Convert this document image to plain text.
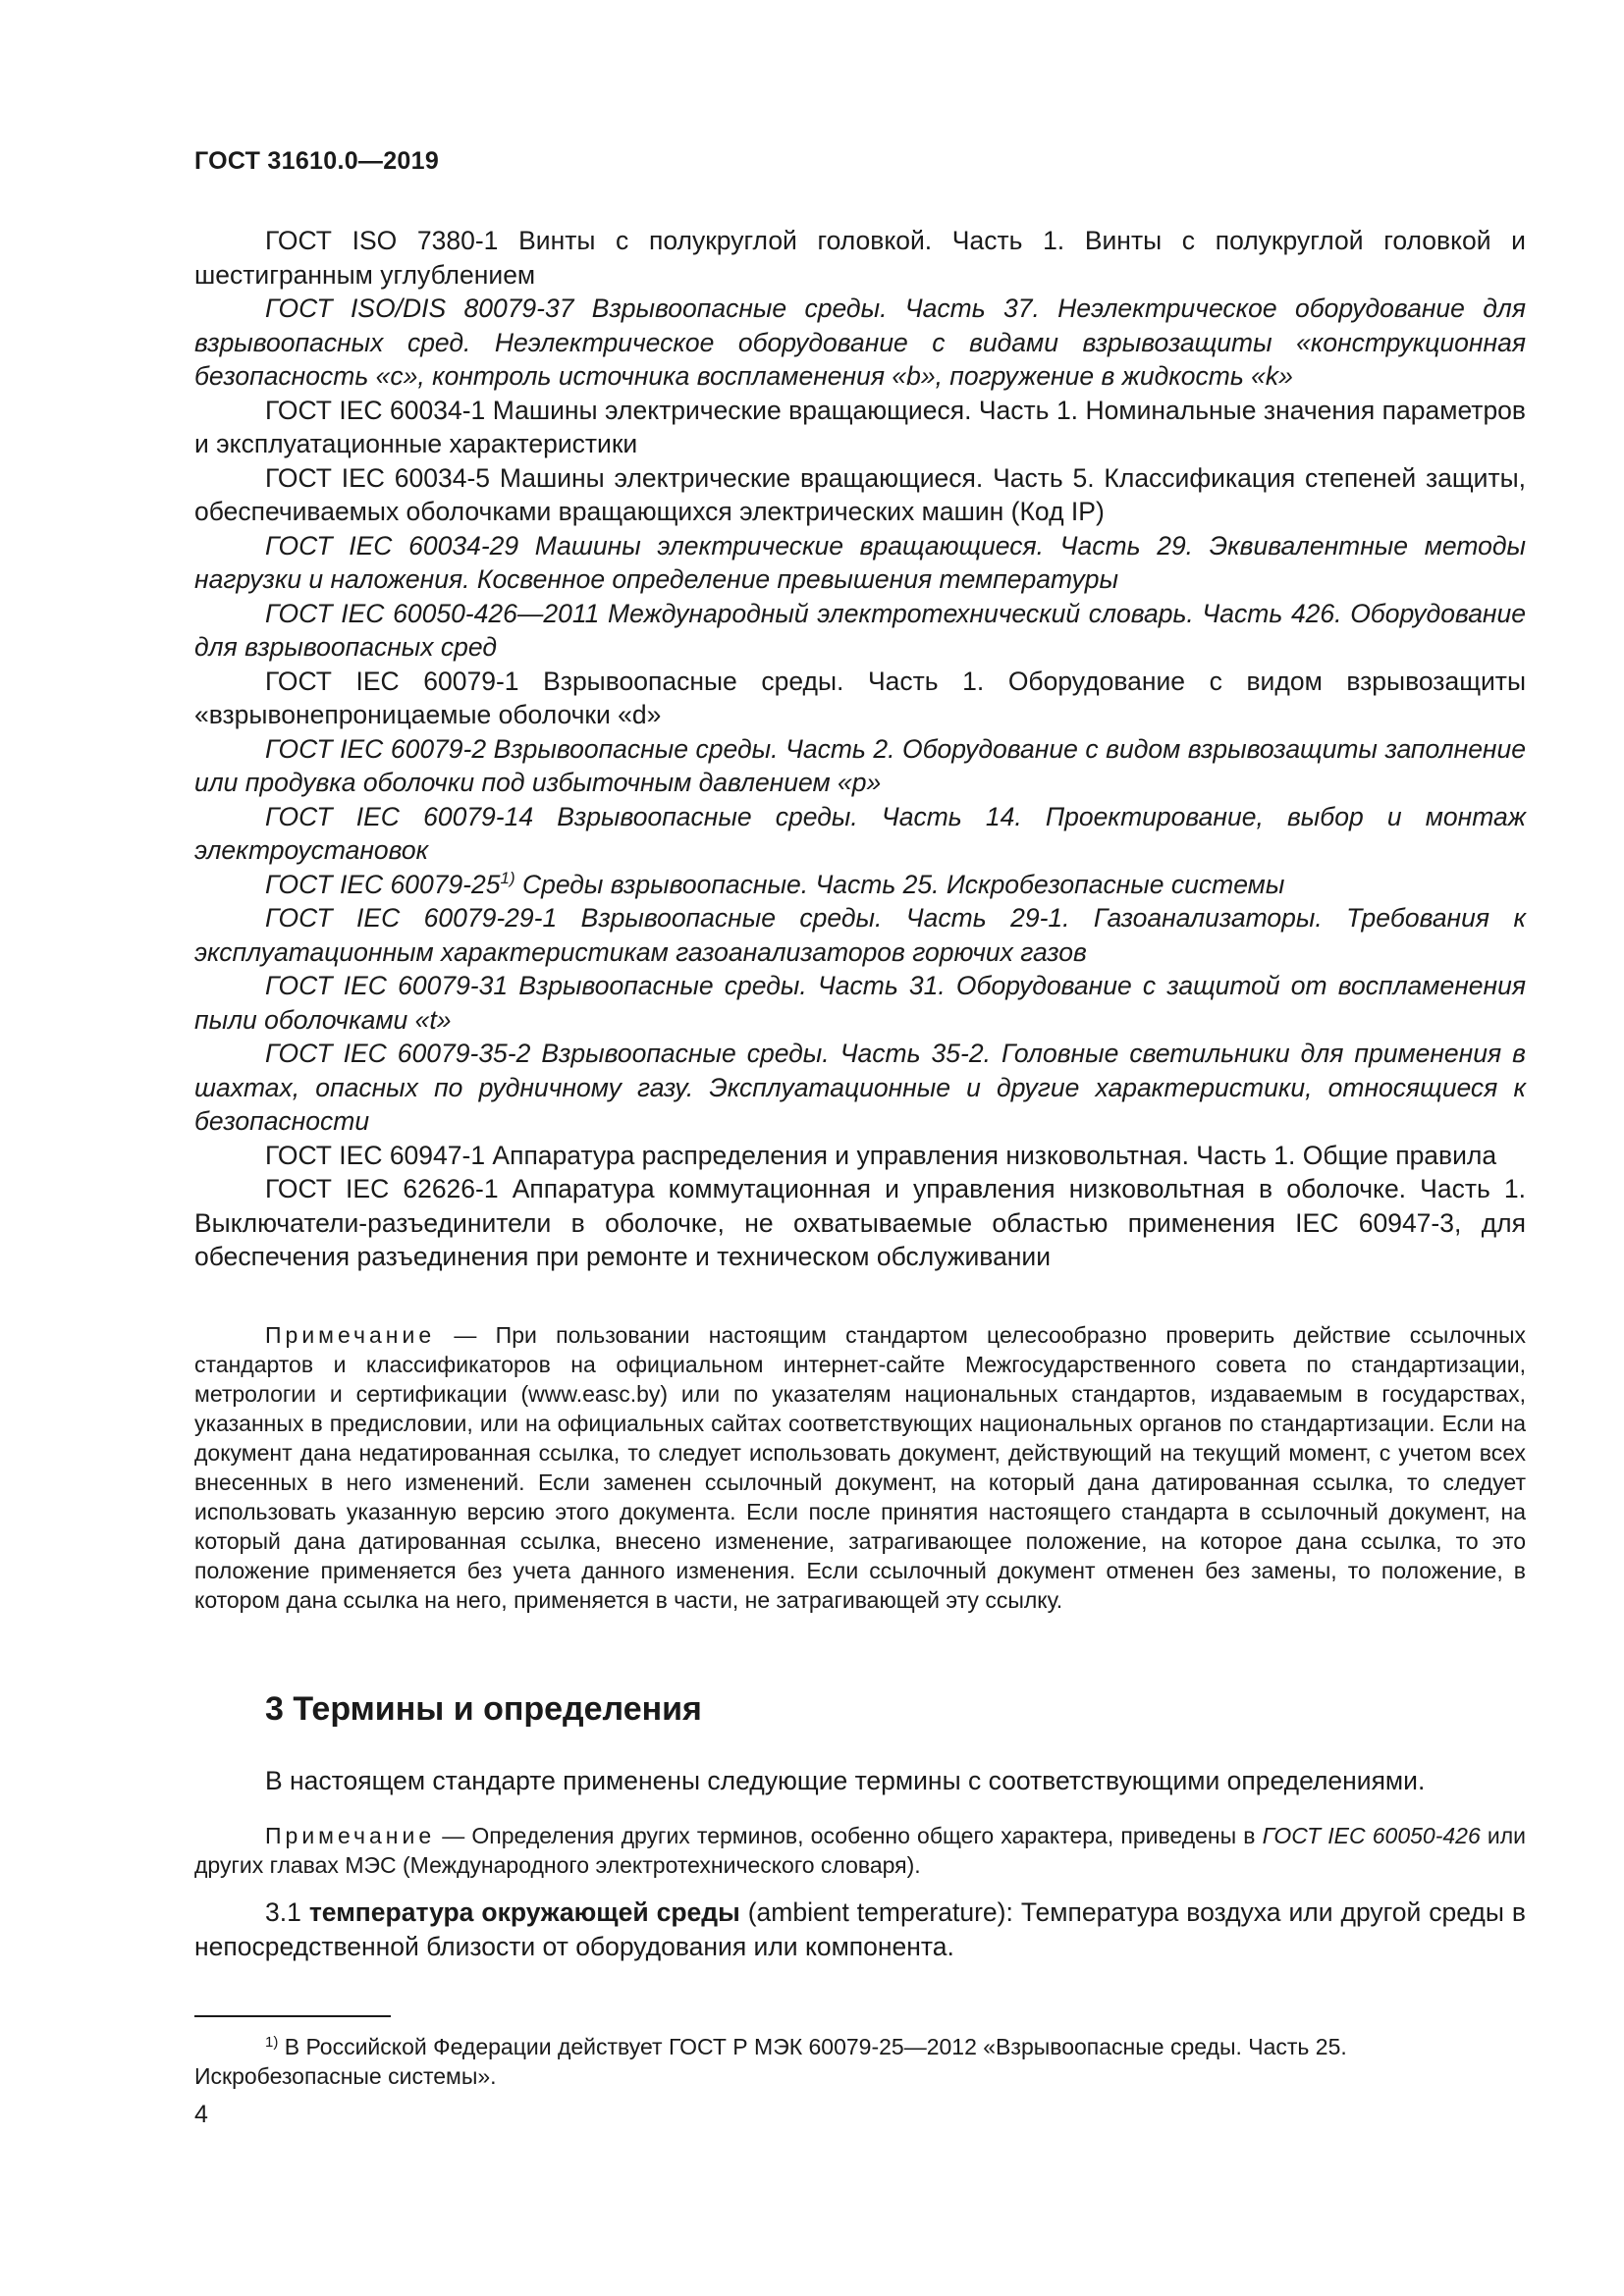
ГОСТ 31610.0—2019

ГОСТ ISO 7380-1 Винты с полукруглой головкой. Часть 1. Винты с полукруглой головкой и шестигранным углублением

ГОСТ ISO/DIS 80079-37 Взрывоопасные среды. Часть 37. Неэлектрическое оборудование для взрывоопасных сред. Неэлектрическое оборудование с видами взрывозащиты «конструкционная безопасность «с», контроль источника воспламенения «b», погружение в жидкость «k»

ГОСТ IEC 60034-1 Машины электрические вращающиеся. Часть 1. Номинальные значения параметров и эксплуатационные характеристики

ГОСТ IEC 60034-5 Машины электрические вращающиеся. Часть 5. Классификация степеней защиты, обеспечиваемых оболочками вращающихся электрических машин (Код IP)

ГОСТ IEC 60034-29 Машины электрические вращающиеся. Часть 29. Эквивалентные методы нагрузки и наложения. Косвенное определение превышения температуры

ГОСТ IEC 60050-426—2011 Международный электротехнический словарь. Часть 426. Оборудование для взрывоопасных сред

ГОСТ IEC 60079-1 Взрывоопасные среды. Часть 1. Оборудование с видом взрывозащиты «взрывонепроницаемые оболочки «d»

ГОСТ IEC 60079-2 Взрывоопасные среды. Часть 2. Оборудование с видом взрывозащиты заполнение или продувка оболочки под избыточным давлением «р»

ГОСТ IEC 60079-14 Взрывоопасные среды. Часть 14. Проектирование, выбор и монтаж электроустановок

ГОСТ IEC 60079-25$^{1)}$ Среды взрывоопасные. Часть 25. Искробезопасные системы

ГОСТ IEC 60079-29-1 Взрывоопасные среды. Часть 29-1. Газоанализаторы. Требования к эксплуатационным характеристикам газоанализаторов горючих газов

ГОСТ IEC 60079-31 Взрывоопасные среды. Часть 31. Оборудование с защитой от воспламенения пыли оболочками «t»

ГОСТ IEC 60079-35-2 Взрывоопасные среды. Часть 35-2. Головные светильники для применения в шахтах, опасных по рудничному газу. Эксплуатационные и другие характеристики, относящиеся к безопасности

ГОСТ IEC 60947-1 Аппаратура распределения и управления низковольтная. Часть 1. Общие правила

ГОСТ IEC 62626-1 Аппаратура коммутационная и управления низковольтная в оболочке. Часть 1. Выключатели-разъединители в оболочке, не охватываемые областью применения IEC 60947-3, для обеспечения разъединения при ремонте и техническом обслуживании

Примечание — При пользовании настоящим стандартом целесообразно проверить действие ссылочных стандартов и классификаторов на официальном интернет-сайте Межгосударственного совета по стандартизации, метрологии и сертификации (www.easc.by) или по указателям национальных стандартов, издаваемым в государствах, указанных в предисловии, или на официальных сайтах соответствующих национальных органов по стандартизации. Если на документ дана недатированная ссылка, то следует использовать документ, действующий на текущий момент, с учетом всех внесенных в него изменений. Если заменен ссылочный документ, на который дана датированная ссылка, то следует использовать указанную версию этого документа. Если после принятия настоящего стандарта в ссылочный документ, на который дана датированная ссылка, внесено изменение, затрагивающее положение, на которое дана ссылка, то это положение применяется без учета данного изменения. Если ссылочный документ отменен без замены, то положение, в котором дана ссылка на него, применяется в части, не затрагивающей эту ссылку.

3 Термины и определения

В настоящем стандарте применены следующие термины с соответствующими определениями.

Примечание — Определения других терминов, особенно общего характера, приведены в ГОСТ IEC 60050-426 или других главах МЭС (Международного электротехнического словаря).

3.1 температура окружающей среды (ambient temperature): Температура воздуха или другой среды в непосредственной близости от оборудования или компонента.

$^{1)}$ В Российской Федерации действует ГОСТ Р МЭК 60079-25—2012 «Взрывоопасные среды. Часть 25. Искробезопасные системы».

4
